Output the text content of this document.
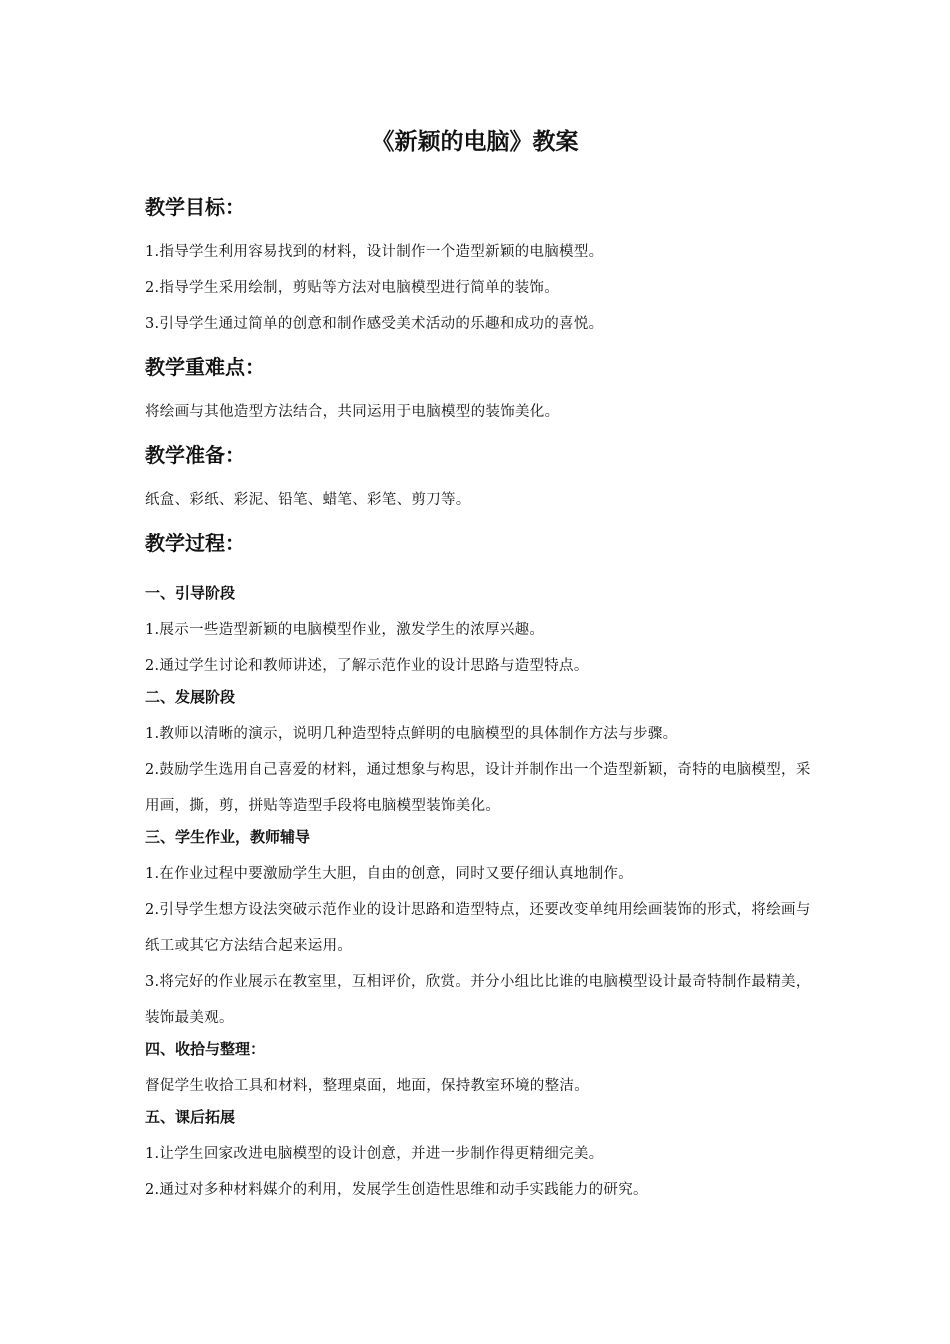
《新颖的电脑》教案
教学目标：

1.指导学生利用容易找到的材料，设计制作一个造型新颖的电脑模型。

2.指导学生采用绘制，剪贴等方法对电脑模型进行简单的装饰。

3.引导学生通过简单的创意和制作感受美术活动的乐趣和成功的喜悦。

教学重难点：

将绘画与其他造型方法结合，共同运用于电脑模型的装饰美化。

教学准备：

纸盒、彩纸、彩泥、铅笔、蜡笔、彩笔、剪刀等。

教学过程：
一、引导阶段

1.展示一些造型新颖的电脑模型作业，激发学生的浓厚兴趣。

2.通过学生讨论和教师讲述，了解示范作业的设计思路与造型特点。

二、发展阶段

1.教师以清晰的演示，说明几种造型特点鲜明的电脑模型的具体制作方法与步骤。

2.鼓励学生选用自己喜爱的材料，通过想象与构思，设计并制作出一个造型新颖，奇特的电脑模型，采用画，撕，剪，拼贴等造型手段将电脑模型装饰美化。

三、学生作业，教师辅导

1.在作业过程中要激励学生大胆，自由的创意，同时又要仔细认真地制作。

2.引导学生想方设法突破示范作业的设计思路和造型特点，还要改变单纯用绘画装饰的形式，将绘画与纸工或其它方法结合起来运用。

3.将完好的作业展示在教室里，互相评价，欣赏。并分小组比比谁的电脑模型设计最奇特制作最精美，装饰最美观。

四、收拾与整理：

督促学生收拾工具和材料，整理桌面，地面，保持教室环境的整洁。

五、课后拓展

1.让学生回家改进电脑模型的设计创意，并进一步制作得更精细完美。

2.通过对多种材料媒介的利用，发展学生创造性思维和动手实践能力的研究。
